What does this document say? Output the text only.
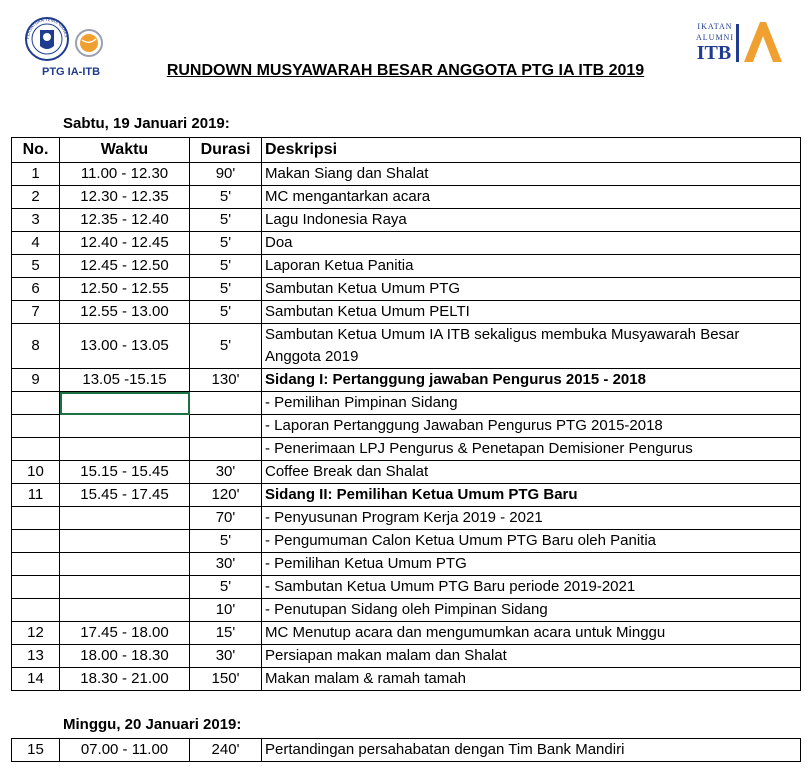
PERSATUAN TENIS GANES
PTG IA-ITB
IKATAN
ALUMNI
ITB
RUNDOWN MUSYAWARAH BESAR ANGGOTA PTG IA ITB 2019
Sabtu, 19 Januari 2019:
No.	Waktu	Durasi	Deskripsi
1	11.00 - 12.30	90'	Makan Siang dan Shalat
2	12.30 - 12.35	5'	MC mengantarkan acara
3	12.35 - 12.40	5'	Lagu Indonesia Raya
4	12.40 - 12.45	5'	Doa
5	12.45 - 12.50	5'	Laporan Ketua Panitia
6	12.50 - 12.55	5'	Sambutan Ketua Umum PTG
7	12.55 - 13.00	5'	Sambutan Ketua Umum PELTI
8	13.00 - 13.05	5'	Sambutan Ketua Umum IA ITB sekaligus membuka Musyawarah Besar Anggota 2019
9	13.05 -15.15	130'	Sidang I: Pertanggung jawaban Pengurus 2015 - 2018
			- Pemilihan Pimpinan Sidang
			- Laporan Pertanggung Jawaban Pengurus PTG 2015-2018
			- Penerimaan LPJ Pengurus & Penetapan Demisioner Pengurus
10	15.15 - 15.45	30'	Coffee Break dan Shalat
11	15.45 - 17.45	120'	Sidang II: Pemilihan Ketua Umum PTG Baru
		70'	- Penyusunan Program Kerja 2019 - 2021
		5'	- Pengumuman Calon Ketua Umum PTG Baru oleh Panitia
		30'	- Pemilihan Ketua Umum PTG
		5'	- Sambutan Ketua Umum PTG Baru periode 2019-2021
		10'	- Penutupan Sidang oleh Pimpinan Sidang
12	17.45 - 18.00	15'	MC Menutup acara dan mengumumkan acara untuk Minggu
13	18.00 - 18.30	30'	Persiapan makan malam dan Shalat
14	18.30 - 21.00	150'	Makan malam & ramah tamah
Minggu, 20 Januari 2019:
15	07.00 - 11.00	240'	Pertandingan persahabatan dengan Tim Bank Mandiri
